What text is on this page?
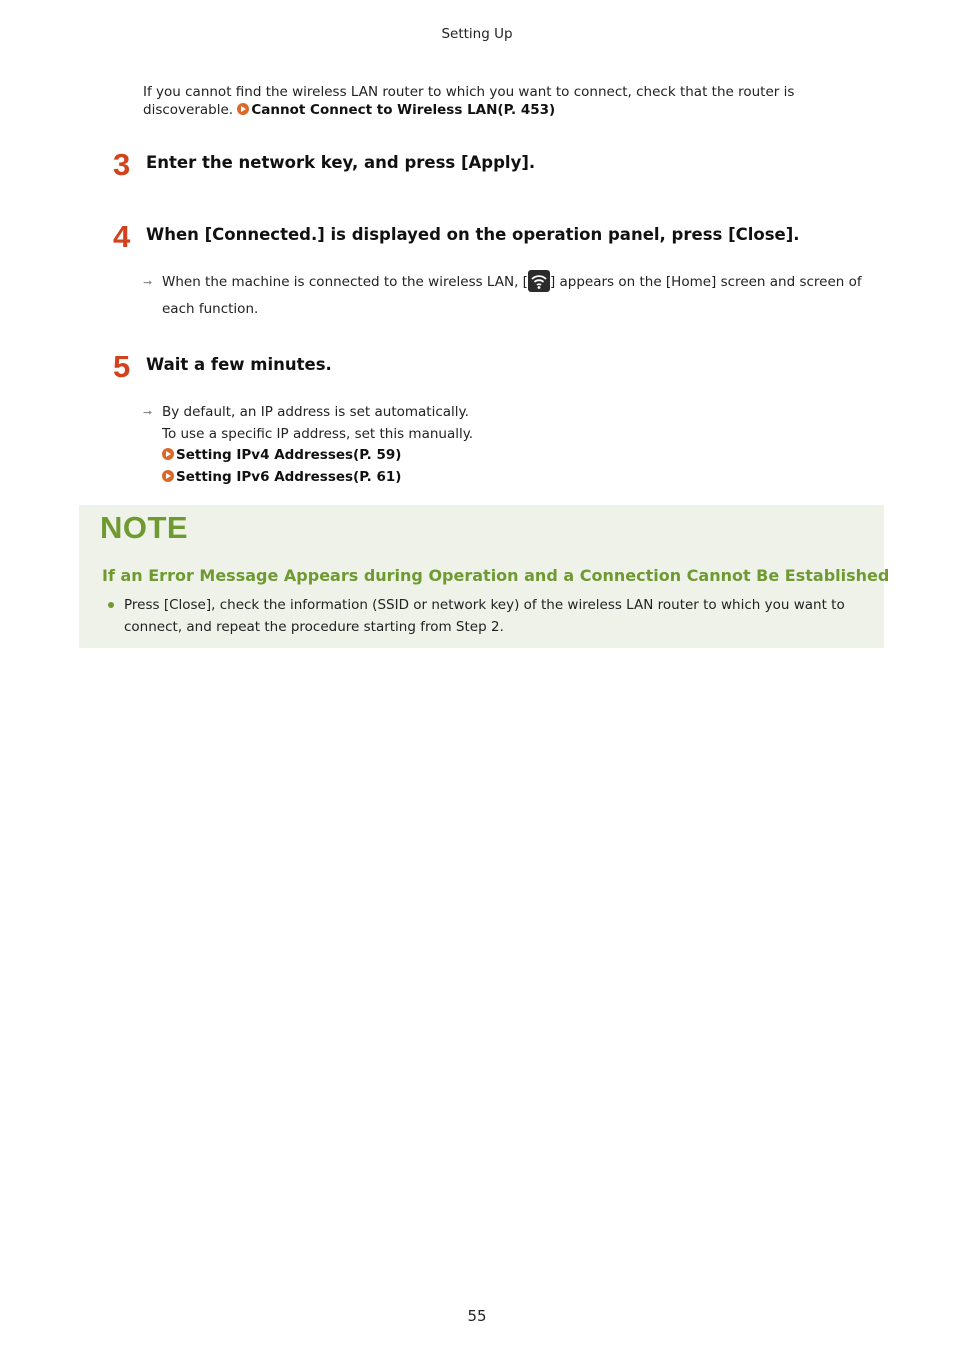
Setting Up
If you cannot find the wireless LAN router to which you want to connect, check that the router is discoverable. Cannot Connect to Wireless LAN(P. 453)
3 Enter the network key, and press [Apply].
4 When [Connected.] is displayed on the operation panel, press [Close].
➞ When the machine is connected to the wireless LAN, [ ] appears on the [Home] screen and screen of each function.
5 Wait a few minutes.
➞ By default, an IP address is set automatically.
To use a specific IP address, set this manually.
Setting IPv4 Addresses(P. 59)
Setting IPv6 Addresses(P. 61)
NOTE
If an Error Message Appears during Operation and a Connection Cannot Be Established
Press [Close], check the information (SSID or network key) of the wireless LAN router to which you want to connect, and repeat the procedure starting from Step 2.
55
